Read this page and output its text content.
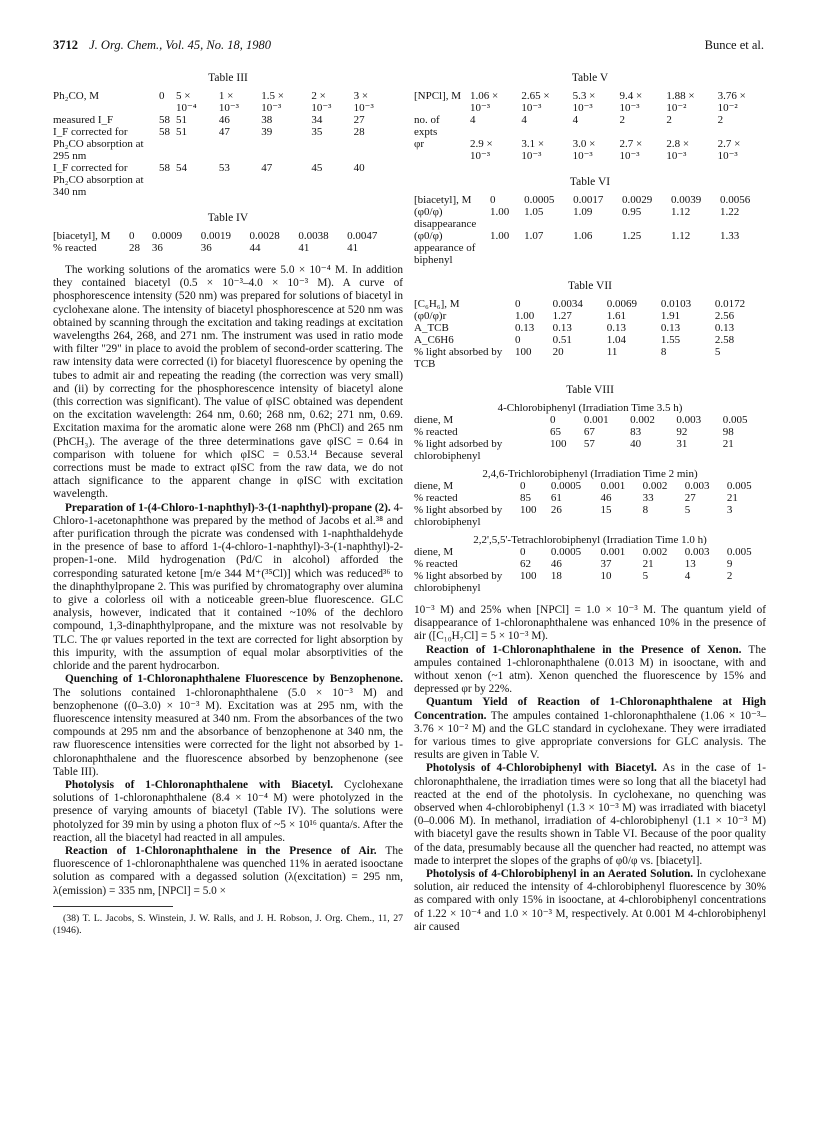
3712 J. Org. Chem., Vol. 45, No. 18, 1980	Bunce et al.
Table III
Ph₂CO, M	0	5 × 10⁻⁴	1 × 10⁻³	1.5 × 10⁻³	2 × 10⁻³	3 × 10⁻³
measured I_F	58	51	46	38	34	27
I_F corrected for Ph₂CO absorption at 295 nm	58	51	47	39	35	28
I_F corrected for Ph₂CO absorption at 340 nm	58	54	53	47	45	40
Table IV
[biacetyl], M	0	0.0009	0.0019	0.0028	0.0038	0.0047
% reacted	28	36	36	44	41	41

The working solutions of the aromatics were 5.0 × 10⁻⁴ M. In addition they contained biacetyl (0.5 × 10⁻³–4.0 × 10⁻³ M). A curve of phosphorescence intensity (520 nm) was prepared for solutions of biacetyl in cyclohexane alone. The intensity of biacetyl phosphorescence at 520 nm was obtained by scanning through the excitation and taking readings at excitation wavelengths 264, 268, and 271 nm. The instrument was used in ratio mode with filter "29" in place to avoid the problem of second-order scattering. The raw intensity data were corrected (i) for biacetyl fluorescence by opening the tubes to admit air and repeating the reading (the correction was very small) and (ii) by correcting for the phosphorescence intensity of biacetyl alone (this correction was significant). The value of φISC obtained was dependent on the excitation wavelength: 264 nm, 0.60; 268 nm, 0.62; 271 nm, 0.69. Excitation maxima for the aromatic alone were 268 nm (PhCl) and 265 nm (PhCH₃). The average of the three determinations gave φISC = 0.64 in comparison with toluene for which φISC = 0.53.¹⁴ Because several corrections must be made to extract φISC from the raw data, we do not attach significance to the apparent change in φISC with excitation wavelength.

Preparation of 1-(4-Chloro-1-naphthyl)-3-(1-naphthyl)-propane (2). 4-Chloro-1-acetonaphthone was prepared by the method of Jacobs et al.³⁸ and after purification through the picrate was condensed with 1-naphthaldehyde in the presence of base to afford 1-(4-chloro-1-naphthyl)-3-(1-naphthyl)-2-propen-1-one. Mild hydrogenation (Pd/C in alcohol) afforded the corresponding saturated ketone [m/e 344 M⁺(³⁵Cl)] which was reduced³⁶ to the dinaphthylpropane 2. This was purified by chromatography over alumina to give a colorless oil with a noticeable green-blue fluorescence. GLC analysis, however, indicated that it contained ~10% of the dechloro compound, 1,3-dinaphthylpropane, and the mixture was not resolvable by TLC. The φr values reported in the text are corrected for light absorption by this impurity, with the assumption of equal molar absorptivities of the chloride and the parent hydrocarbon.

Quenching of 1-Chloronaphthalene Fluorescence by Benzophenone. The solutions contained 1-chloronaphthalene (5.0 × 10⁻³ M) and benzophenone ((0–3.0) × 10⁻³ M). Excitation was at 295 nm, with the fluorescence intensity measured at 340 nm. From the absorbances of the two compounds at 295 nm and the absorbance of benzophenone at 340 nm, the raw fluorescence intensities were corrected for the light not absorbed by 1-chloronaphthalene and the fluorescence absorbed by benzophenone (see Table III).

Photolysis of 1-Chloronaphthalene with Biacetyl. Cyclohexane solutions of 1-chloronaphthalene (8.4 × 10⁻⁴ M) were photolyzed in the presence of varying amounts of biacetyl (Table IV). The solutions were photolyzed for 39 min by using a photon flux of ~5 × 10¹⁶ quanta/s. After the reaction, all the biacetyl had reacted in all ampules.

Reaction of 1-Chloronaphthalene in the Presence of Air. The fluorescence of 1-chloronaphthalene was quenched 11% in aerated isooctane solution as compared with a degassed solution (λ(excitation) = 295 nm, λ(emission) = 335 nm, [NPCl] = 5.0 ×

(38) T. L. Jacobs, S. Winstein, J. W. Ralls, and J. H. Robson, J. Org. Chem., 11, 27 (1946).

Table V
[NPCl], M	1.06 × 10⁻³	2.65 × 10⁻³	5.3 × 10⁻³	9.4 × 10⁻³	1.88 × 10⁻²	3.76 × 10⁻²
no. of expts	4	4	4	2	2	2
φr	2.9 × 10⁻³	3.1 × 10⁻³	3.0 × 10⁻³	2.7 × 10⁻³	2.8 × 10⁻³	2.7 × 10⁻³
Table VI
[biacetyl], M	0	0.0005	0.0017	0.0029	0.0039	0.0056
(φ0/φ) disappearance	1.00	1.05	1.09	0.95	1.12	1.22
(φ0/φ) appearance of biphenyl	1.00	1.07	1.06	1.25	1.12	1.33
Table VII
[C₆H₆], M	0	0.0034	0.0069	0.0103	0.0172
(φ0/φ)r	1.00	1.27	1.61	1.91	2.56
A_TCB	0.13	0.13	0.13	0.13	0.13
A_C6H6	0	0.51	1.04	1.55	2.58
% light absorbed by TCB	100	20	11	8	5
Table VIII
4-Chlorobiphenyl (Irradiation Time 3.5 h)
diene, M	0	0.001	0.002	0.003	0.005
% reacted	65	67	83	92	98
% light adsorbed by chlorobiphenyl	100	57	40	31	21
2,4,6-Trichlorobiphenyl (Irradiation Time 2 min)
diene, M	0	0.0005	0.001	0.002	0.003	0.005
% reacted	85	61	46	33	27	21
% light absorbed by chlorobiphenyl	100	26	15	8	5	3
2,2',5,5'-Tetrachlorobiphenyl (Irradiation Time 1.0 h)
diene, M	0	0.0005	0.001	0.002	0.003	0.005
% reacted	62	46	37	21	13	9
% light absorbed by chlorobiphenyl	100	18	10	5	4	2

10⁻³ M) and 25% when [NPCl] = 1.0 × 10⁻³ M. The quantum yield of disappearance of 1-chloronaphthalene was enhanced 10% in the presence of air ([C₁₀H₇Cl] = 5 × 10⁻³ M).

Reaction of 1-Chloronaphthalene in the Presence of Xenon. The ampules contained 1-chloronaphthalene (0.013 M) in isooctane, with and without xenon (~1 atm). Xenon quenched the fluorescence by 15% and depressed φr by 22%.

Quantum Yield of Reaction of 1-Chloronaphthalene at High Concentration. The ampules contained 1-chloronaphthalene (1.06 × 10⁻³–3.76 × 10⁻² M) and the GLC standard in cyclohexane. They were irradiated for various times to give appropriate conversions for GLC analysis. The results are given in Table V.

Photolysis of 4-Chlorobiphenyl with Biacetyl. As in the case of 1-chloronaphthalene, the irradiation times were so long that all the biacetyl had reacted at the end of the photolysis. In cyclohexane, no quenching was observed when 4-chlorobiphenyl (1.3 × 10⁻³ M) was irradiated with biacetyl (0–0.006 M). In methanol, irradiation of 4-chlorobiphenyl (1.1 × 10⁻³ M) with biacetyl gave the results shown in Table VI. Because of the poor quality of the data, presumably because all the quencher had reacted, no attempt was made to interpret the slopes of the graphs of φ0/φ vs. [biacetyl].

Photolysis of 4-Chlorobiphenyl in an Aerated Solution. In cyclohexane solution, air reduced the intensity of 4-chlorobiphenyl fluorescence by 30% as compared with only 15% in isooctane, at 4-chlorobiphenyl concentrations of 1.22 × 10⁻⁴ and 1.0 × 10⁻³ M, respectively. At 0.001 M 4-chlorobiphenyl air caused
